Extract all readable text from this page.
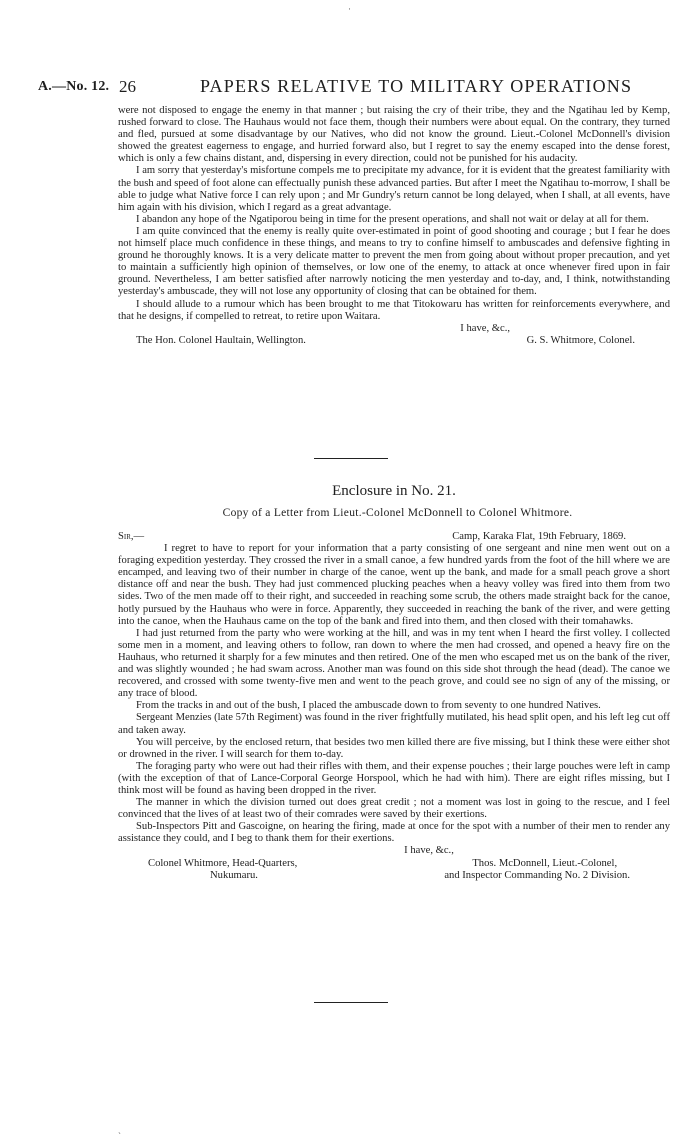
·
A.—No. 12. 26	PAPERS RELATIVE TO MILITARY OPERATIONS

were not disposed to engage the enemy in that manner ; but raising the cry of their tribe, they and the Ngatihau led by Kemp, rushed forward to close. The Hauhaus would not face them, though their numbers were about equal. On the contrary, they turned and fled, pursued at some disadvantage by our Natives, who did not know the ground. Lieut.-Colonel McDonnell's division showed the greatest eagerness to engage, and hurried forward also, but I regret to say the enemy escaped into the dense forest, which is only a few chains distant, and, dispersing in every direction, could not be punished for his audacity.

I am sorry that yesterday's misfortune compels me to precipitate my advance, for it is evident that the greatest familiarity with the bush and speed of foot alone can effectually punish these advanced parties. But after I meet the Ngatihau to-morrow, I shall be able to judge what Native force I can rely upon ; and Mr Gundry's return cannot be long delayed, when I shall, at all events, have him again with his division, which I regard as a great advantage.

I abandon any hope of the Ngatiporou being in time for the present operations, and shall not wait or delay at all for them.

I am quite convinced that the enemy is really quite over-estimated in point of good shooting and courage ; but I fear he does not himself place much confidence in these things, and means to try to confine himself to ambuscades and defensive fighting in ground he thoroughly knows. It is a very delicate matter to prevent the men from going about without proper precaution, and yet to maintain a sufficiently high opinion of themselves, or low one of the enemy, to attack at once whenever fired upon in fair ground. Nevertheless, I am better satisfied after narrowly noticing the men yesterday and to-day, and, I think, notwithstanding yesterday's ambuscade, they will not lose any opportunity of closing that can be obtained for them.

I should allude to a rumour which has been brought to me that Titokowaru has written for reinforcements everywhere, and that he designs, if compelled to retreat, to retire upon Waitara.

I have, &c.,

The Hon. Colonel Haultain, Wellington.	G. S. Whitmore, Colonel.
Enclosure in No. 21.
Copy of a Letter from Lieut.-Colonel McDonnell to Colonel Whitmore.
Sir,—	Camp, Karaka Flat, 19th February, 1869.

I regret to have to report for your information that a party consisting of one sergeant and nine men went out on a foraging expedition yesterday. They crossed the river in a small canoe, a few hundred yards from the foot of the hill where we are encamped, and leaving two of their number in charge of the canoe, went up the bank, and made for a small peach grove a short distance off and near the bush. They had just commenced plucking peaches when a heavy volley was fired into them from two sides. Two of the men made off to their right, and succeeded in reaching some scrub, the others made straight back for the canoe, hotly pursued by the Hauhaus who were in force. Apparently, they succeeded in reaching the bank of the river, and were getting into the canoe, when the Hauhaus came on the top of the bank and fired into them, and then closed with their tomahawks.

I had just returned from the party who were working at the hill, and was in my tent when I heard the first volley. I collected some men in a moment, and leaving others to follow, ran down to where the men had crossed, and opened a heavy fire on the Hauhaus, who returned it sharply for a few minutes and then retired. One of the men who escaped met us on the bank of the river, and was slightly wounded ; he had swam across. Another man was found on this side shot through the head (dead). The canoe we recovered, and crossed with some twenty-five men and went to the peach grove, and could see no sign of any of the missing, or any trace of blood.

From the tracks in and out of the bush, I placed the ambuscade down to from seventy to one hundred Natives.

Sergeant Menzies (late 57th Regiment) was found in the river frightfully mutilated, his head split open, and his left leg cut off and taken away.

You will perceive, by the enclosed return, that besides two men killed there are five missing, but I think these were either shot or drowned in the river. I will search for them to-day.

The foraging party who were out had their rifles with them, and their expense pouches ; their large pouches were left in camp (with the exception of that of Lance-Corporal George Horspool, which he had with him). There are eight rifles missing, but I think most will be found as having been dropped in the river.

The manner in which the division turned out does great credit ; not a moment was lost in going to the rescue, and I feel convinced that the lives of at least two of their comrades were saved by their exertions.

Sub-Inspectors Pitt and Gascoigne, on hearing the firing, made at once for the spot with a number of their men to render any assistance they could, and I beg to thank them for their exertions.

I have, &c.,

Colonel Whitmore, Head-Quarters,
Nukumaru.
Thos. McDonnell, Lieut.-Colonel,
and Inspector Commanding No. 2 Division.
ˏ
